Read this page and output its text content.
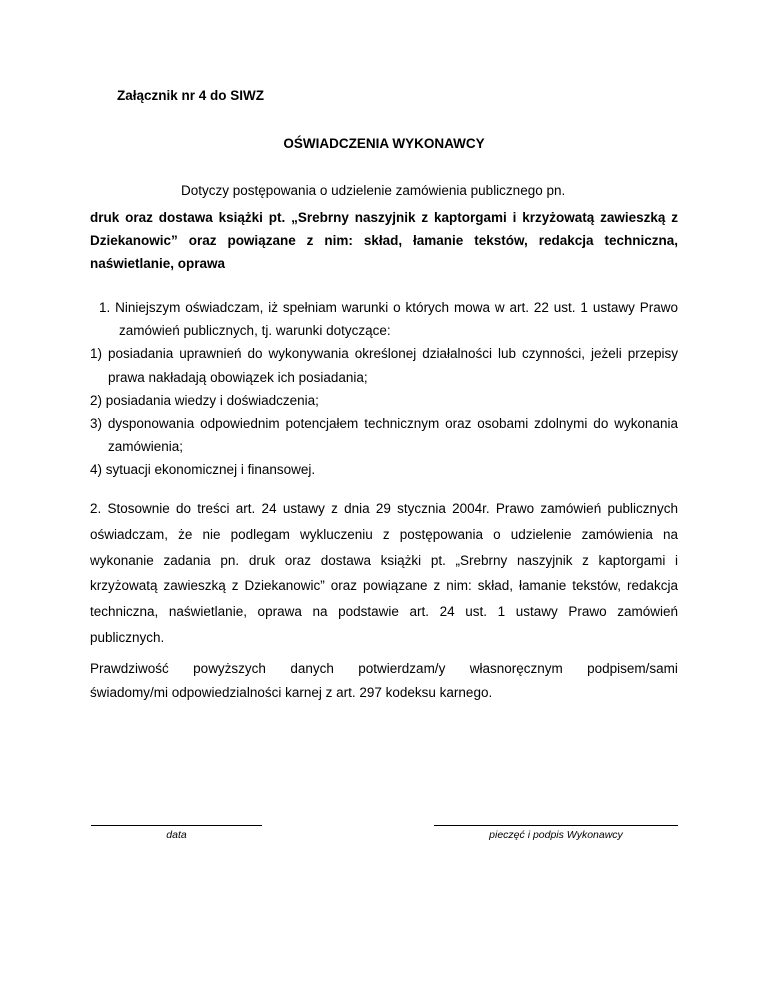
Załącznik nr 4 do SIWZ
OŚWIADCZENIA WYKONAWCY
Dotyczy postępowania o udzielenie zamówienia publicznego pn.
druk oraz dostawa książki pt. „Srebrny naszyjnik z kaptorgami i krzyżowatą zawieszką z Dziekanowic” oraz powiązane z nim: skład, łamanie tekstów, redakcja techniczna, naświetlanie, oprawa

1. Niniejszym oświadczam, iż spełniam warunki o których mowa w art. 22 ust. 1 ustawy Prawo zamówień publicznych, tj. warunki dotyczące:

1) posiadania uprawnień do wykonywania określonej działalności lub czynności, jeżeli przepisy prawa nakładają obowiązek ich posiadania;

2) posiadania wiedzy i doświadczenia;

3) dysponowania odpowiednim potencjałem technicznym oraz osobami zdolnymi do wykonania zamówienia;

4) sytuacji ekonomicznej i finansowej.

2. Stosownie do treści art. 24 ustawy z dnia 29 stycznia 2004r. Prawo zamówień publicznych oświadczam, że nie podlegam wykluczeniu z postępowania o udzielenie zamówienia na wykonanie zadania pn. druk oraz dostawa książki pt. „Srebrny naszyjnik z kaptorgami i krzyżowatą zawieszką z Dziekanowic” oraz powiązane z nim: skład, łamanie tekstów, redakcja techniczna, naświetlanie, oprawa na podstawie art. 24 ust. 1 ustawy Prawo zamówień publicznych.
Prawdziwość powyższych danych potwierdzam/y własnoręcznym podpisem/sami
świadomy/mi odpowiedzialności karnej z art. 297 kodeksu karnego.
data	pieczęć i podpis Wykonawcy
